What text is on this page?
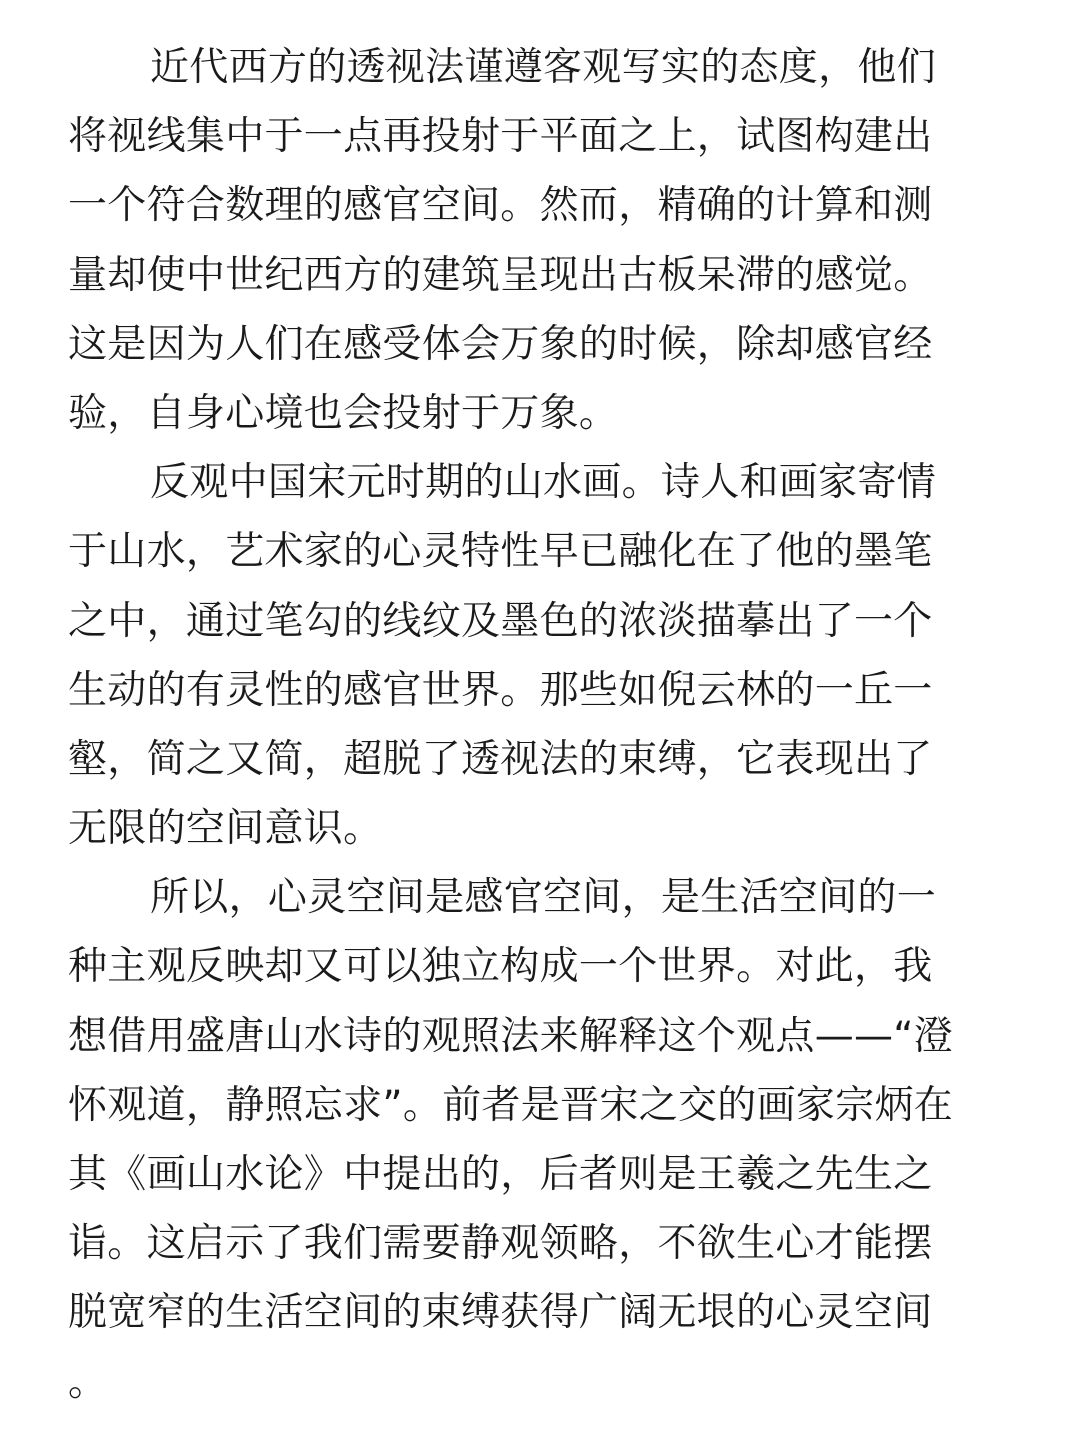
近代西方的透视法谨遵客观写实的态度，他们
将视线集中于一点再投射于平面之上，试图构建出
一个符合数理的感官空间。然而，精确的计算和测
量却使中世纪西方的建筑呈现出古板呆滞的感觉。
这是因为人们在感受体会万象的时候，除却感官经
验，自身心境也会投射于万象。
反观中国宋元时期的山水画。诗人和画家寄情
于山水，艺术家的心灵特性早已融化在了他的墨笔
之中，通过笔勾的线纹及墨色的浓淡描摹出了一个
生动的有灵性的感官世界。那些如倪云林的一丘一
壑，简之又简，超脱了透视法的束缚，它表现出了
无限的空间意识。
所以，心灵空间是感官空间，是生活空间的一
种主观反映却又可以独立构成一个世界。对此，我
想借用盛唐山水诗的观照法来解释这个观点——“澄
怀观道，静照忘求”。前者是晋宋之交的画家宗炳在
其《画山水论》中提出的，后者则是王羲之先生之
诣。这启示了我们需要静观领略，不欲生心才能摆
脱宽窄的生活空间的束缚获得广阔无垠的心灵空间
。
